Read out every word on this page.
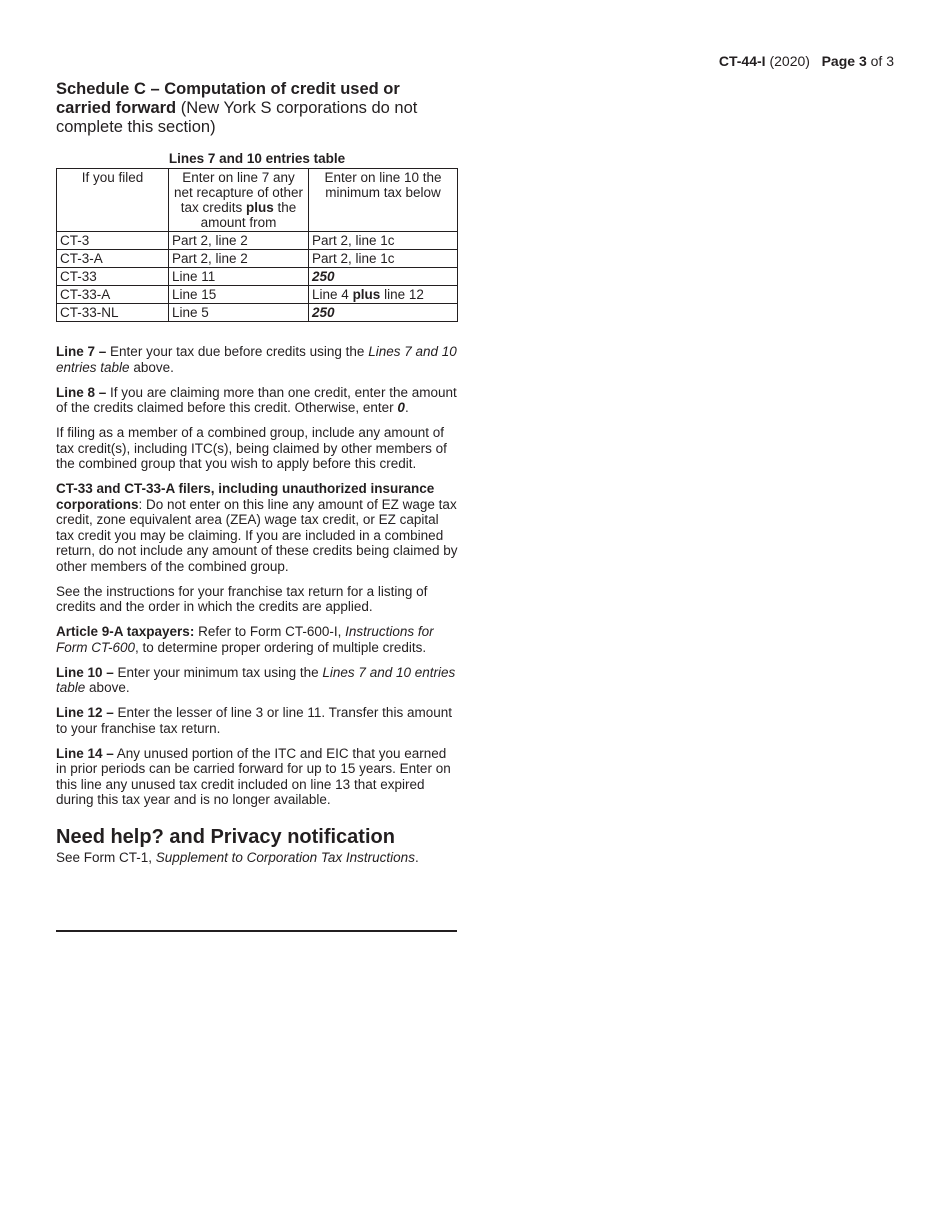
CT-44-I (2020) Page 3 of 3
Schedule C – Computation of credit used or carried forward (New York S corporations do not complete this section)
Lines 7 and 10 entries table
If you filed	Enter on line 7 any net recapture of other tax credits plus the amount from	Enter on line 10 the minimum tax below
CT-3	Part 2, line 2	Part 2, line 1c
CT-3-A	Part 2, line 2	Part 2, line 1c
CT-33	Line 11	250
CT-33-A	Line 15	Line 4 plus line 12
CT-33-NL	Line 5	250

Line 7 – Enter your tax due before credits using the Lines 7 and 10 entries table above.

Line 8 – If you are claiming more than one credit, enter the amount of the credits claimed before this credit. Otherwise, enter 0.

If filing as a member of a combined group, include any amount of tax credit(s), including ITC(s), being claimed by other members of the combined group that you wish to apply before this credit.

CT-33 and CT-33-A filers, including unauthorized insurance corporations: Do not enter on this line any amount of EZ wage tax credit, zone equivalent area (ZEA) wage tax credit, or EZ capital tax credit you may be claiming. If you are included in a combined return, do not include any amount of these credits being claimed by other members of the combined group.

See the instructions for your franchise tax return for a listing of credits and the order in which the credits are applied.

Article 9-A taxpayers: Refer to Form CT-600-I, Instructions for Form CT-600, to determine proper ordering of multiple credits.

Line 10 – Enter your minimum tax using the Lines 7 and 10 entries table above.

Line 12 – Enter the lesser of line 3 or line 11. Transfer this amount to your franchise tax return.

Line 14 – Any unused portion of the ITC and EIC that you earned in prior periods can be carried forward for up to 15 years. Enter on this line any unused tax credit included on line 13 that expired during this tax year and is no longer available.

Need help? and Privacy notification

See Form CT-1, Supplement to Corporation Tax Instructions.
